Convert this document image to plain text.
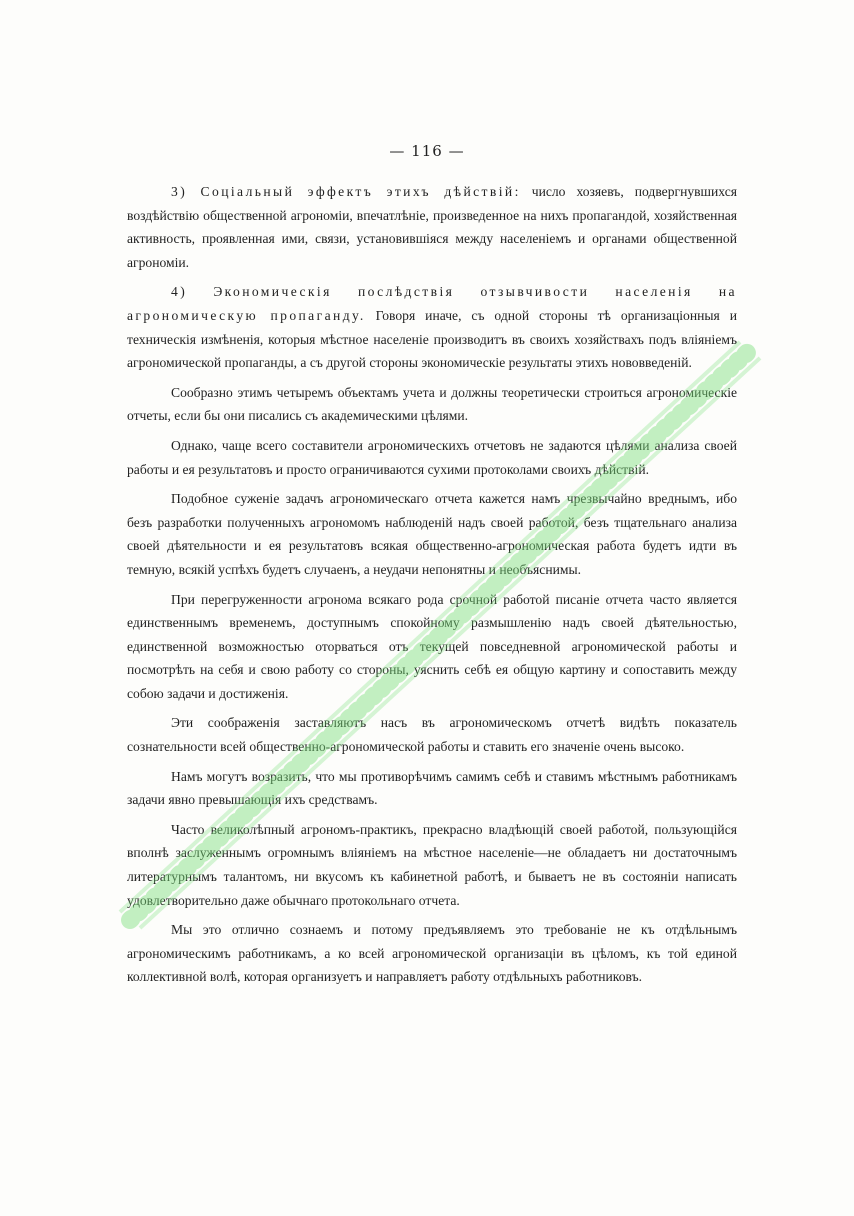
— 116 —

3) Соціальный эффектъ этихъ дѣйствій: число хозяевъ, подвергнувшихся воздѣйствію общественной агрономіи, впечатлѣніе, произведенное на нихъ пропагандой, хозяйственная активность, проявленная ими, связи, установившіяся между населеніемъ и органами общественной агрономіи.

4) Экономическія послѣдствія отзывчивости населенія на агрономическую пропаганду. Говоря иначе, съ одной стороны тѣ организаціонныя и техническія измѣненія, которыя мѣстное населеніе производитъ въ своихъ хозяйствахъ подъ вліяніемъ агрономической пропаганды, а съ другой стороны экономическіе результаты этихъ нововведеній.

Сообразно этимъ четыремъ объектамъ учета и должны теоретически строиться агрономическіе отчеты, если бы они писались съ академическими цѣлями.

Однако, чаще всего составители агрономическихъ отчетовъ не задаются цѣлями анализа своей работы и ея результатовъ и просто ограничиваются сухими протоколами своихъ дѣйствій.

Подобное суженіе задачъ агрономическаго отчета кажется намъ чрезвычайно вреднымъ, ибо безъ разработки полученныхъ агрономомъ наблюденій надъ своей работой, безъ тщательнаго анализа своей дѣятельности и ея результатовъ всякая общественно-агрономическая работа будетъ идти въ темную, всякій успѣхъ будетъ случаенъ, а неудачи непонятны и необъяснимы.

При перегруженности агронома всякаго рода срочной работой писаніе отчета часто является единственнымъ временемъ, доступнымъ спокойному размышленію надъ своей дѣятельностью, единственной возможностью оторваться отъ текущей повседневной агрономической работы и посмотрѣть на себя и свою работу со стороны, уяснить себѣ ея общую картину и сопоставить между собою задачи и достиженія.

Эти соображенія заставляютъ насъ въ агрономическомъ отчетѣ видѣть показатель сознательности всей общественно-агрономической работы и ставить его значеніе очень высоко.

Намъ могутъ возразить, что мы противорѣчимъ самимъ себѣ и ставимъ мѣстнымъ работникамъ задачи явно превышающія ихъ средствамъ.

Часто великолѣпный агрономъ-практикъ, прекрасно владѣющій своей работой, пользующійся вполнѣ заслуженнымъ огромнымъ вліяніемъ на мѣстное населеніе—не обладаетъ ни достаточнымъ литературнымъ талантомъ, ни вкусомъ къ кабинетной работѣ, и бываетъ не въ состояніи написать удовлетворительно даже обычнаго протокольнаго отчета.

Мы это отлично сознаемъ и потому предъявляемъ это требованіе не къ отдѣльнымъ агрономическимъ работникамъ, а ко всей агрономической организаціи въ цѣломъ, къ той единой коллективной волѣ, которая организуетъ и направляетъ работу отдѣльныхъ работниковъ.
